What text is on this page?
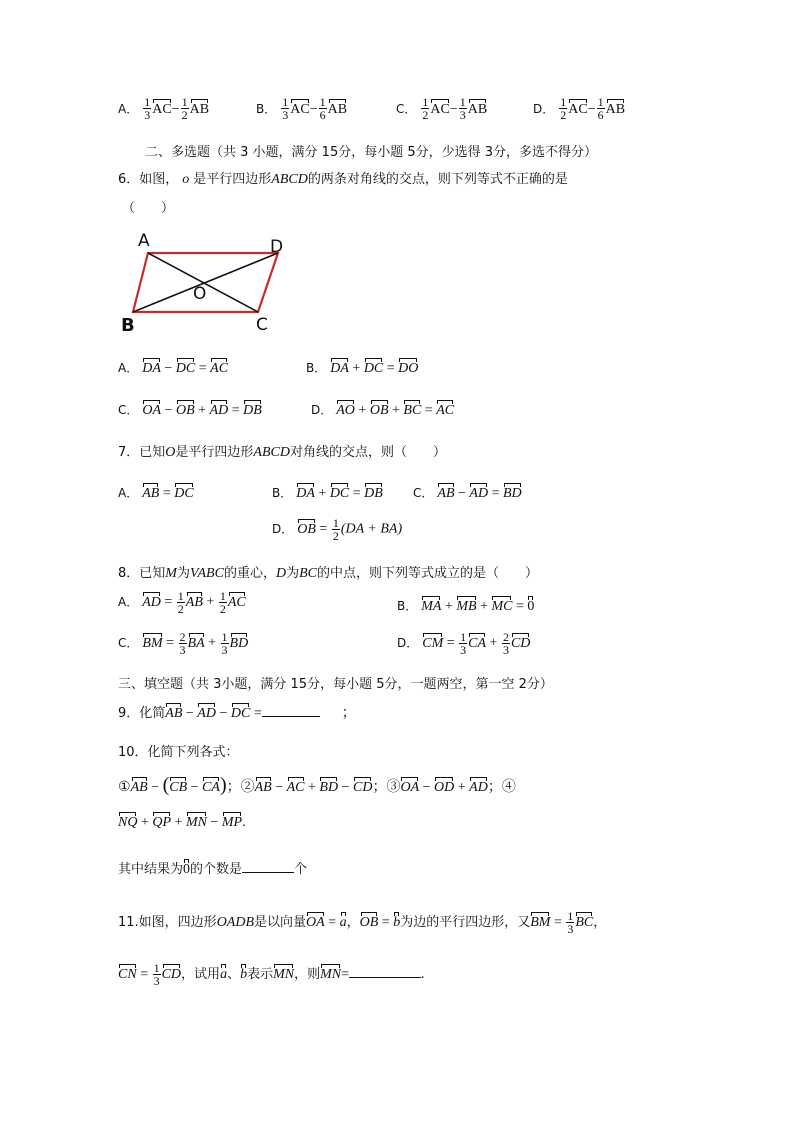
A． $\frac{1}{3} AC- \frac{1}{2}$ AB	B． $\frac{1}{3} AC- \frac{1}{6}$ AB	C． $\frac{1}{2} AC- \frac{1}{3}$ AB	D． $\frac{1}{2} AC- \frac{1}{6}$ AB
二、多选题（共 3 小题，满分 15分，每小题 5分，少选得 3分，多选不得分）
6．如图， o 是平行四边形ABCD的两条对角线的交点，则下列等式不正确的是
（　　）
A	D
B	C
O
A． DA − DC = AC	B． DA + DC = DO
C． OA − OB + AD = DB	D． AO + OB + BC = AC
7．已知O是平行四边形ABCD对角线的交点，则（　　）
A． AB = DC	B． DA + DC = DB	C． AB − AD = BD
D． OB = $\frac{1}{2} (DA + BA)$
8．已知M为VABC的重心，D为BC的中点，则下列等式成立的是（　　）
A． AD = $\frac{1}{2}$ AB + $\frac{1}{2}$ AC	B． MA + MB + MC = 0
C． BM = $\frac{2}{3}$ BA + $\frac{1}{3}$ BD	D． CM = $\frac{1}{3}$ CA + $\frac{2}{3}$ CD
三、填空题（共 3小题，满分 15分，每小题 5分，一题两空，第一空 2分）
9．化简AB − AD − DC =	；
10．化简下列各式：
①AB − (CB − CA)；②AB − AC + BD − CD；③OA − OD + AD；④
NQ + QP + MN − MP.
其中结果为0的个数是	个
11.如图，四边形OADB是以向量OA = a，OB = b为边的平行四边形，又BM = $\frac{1}{3}$ BC，
CN = $\frac{1}{3}$ CD，试用a、b表示MN，则MN=	.
